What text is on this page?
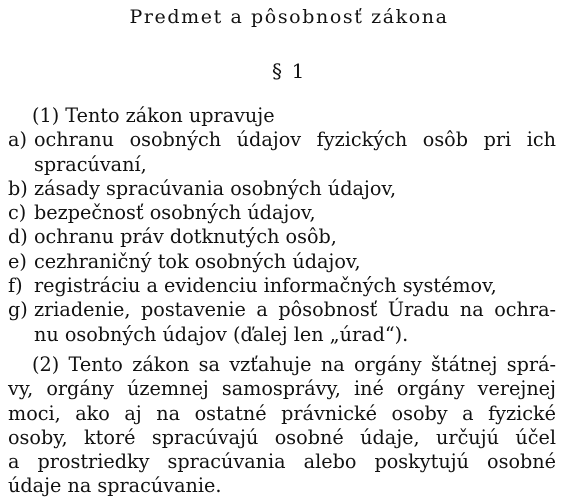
Predmet a pôsobnosť zákona
§ 1
(1) Tento zákon upravuje
a) ochranu osobných údajov fyzických osôb pri ich
spracúvaní,
b) zásady spracúvania osobných údajov,
c) bezpečnosť osobných údajov,
d) ochranu práv dotknutých osôb,
e) cezhraničný tok osobných údajov,
f) registráciu a evidenciu informačných systémov,
g) zriadenie, postavenie a pôsobnosť Úradu na ochra-
nu osobných údajov (ďalej len „úrad“).
(2) Tento zákon sa vzťahuje na orgány štátnej sprá-
vy, orgány územnej samosprávy, iné orgány verejnej
moci, ako aj na ostatné právnické osoby a fyzické
osoby, ktoré spracúvajú osobné údaje, určujú účel
a prostriedky spracúvania alebo poskytujú osobné
údaje na spracúvanie.
